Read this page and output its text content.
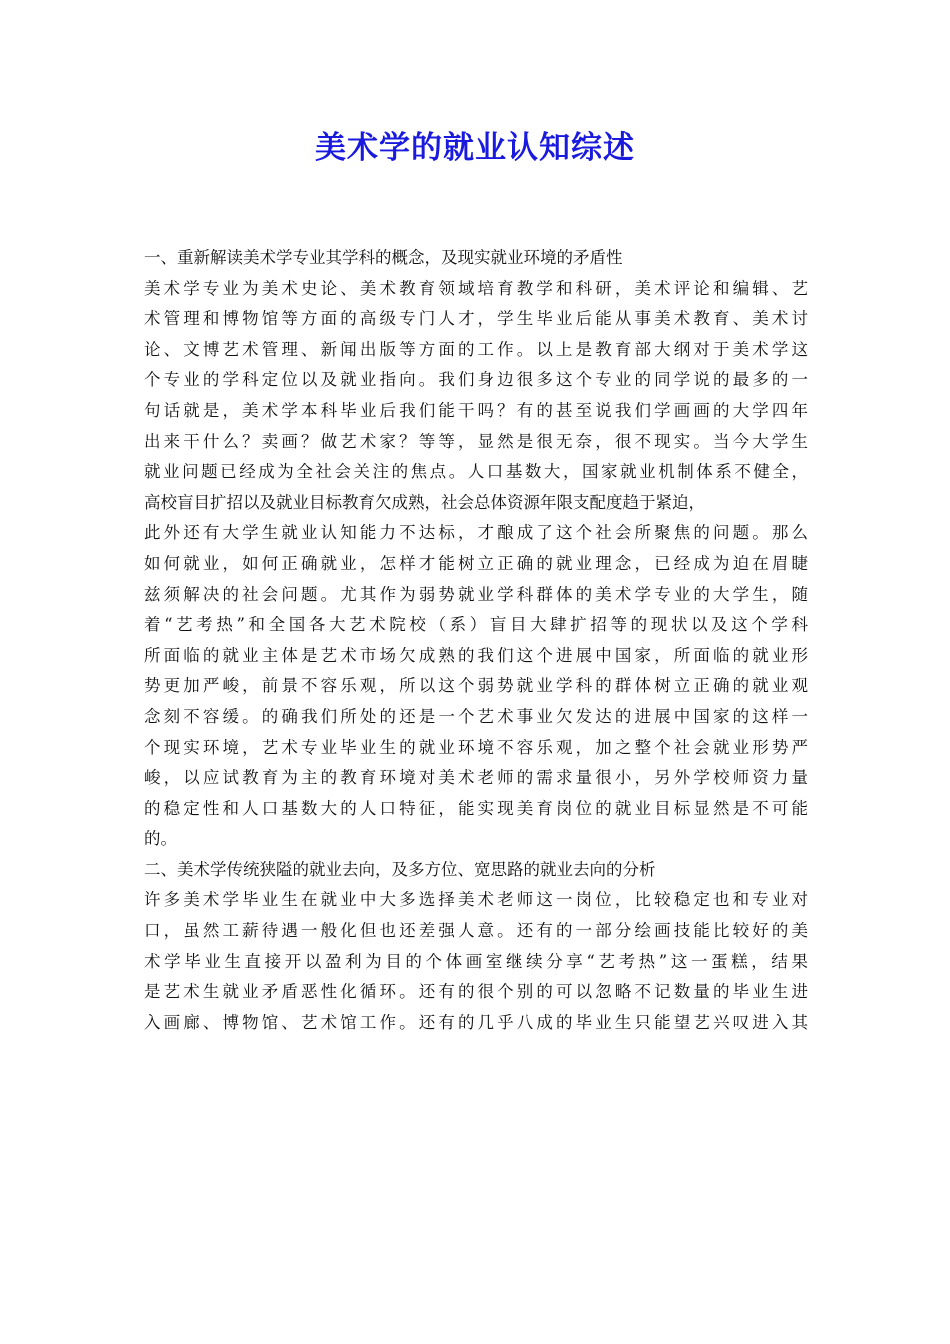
美术学的就业认知综述
一、重新解读美术学专业其学科的概念，及现实就业环境的矛盾性
美术学专业为美术史论、美术教育领域培育教学和科研，美术评论和编辑、艺
术管理和博物馆等方面的高级专门人才，学生毕业后能从事美术教育、美术讨
论、文博艺术管理、新闻出版等方面的工作。以上是教育部大纲对于美术学这
个专业的学科定位以及就业指向。我们身边很多这个专业的同学说的最多的一
句话就是，美术学本科毕业后我们能干吗？有的甚至说我们学画画的大学四年
出来干什么？卖画？做艺术家？等等，显然是很无奈，很不现实。当今大学生
就业问题已经成为全社会关注的焦点。人口基数大，国家就业机制体系不健全，
高校盲目扩招以及就业目标教育欠成熟，社会总体资源年限支配度趋于紧迫，
此外还有大学生就业认知能力不达标，才酿成了这个社会所聚焦的问题。那么
如何就业，如何正确就业，怎样才能树立正确的就业理念，已经成为迫在眉睫
兹须解决的社会问题。尤其作为弱势就业学科群体的美术学专业的大学生，随
着“艺考热”和全国各大艺术院校（系）盲目大肆扩招等的现状以及这个学科
所面临的就业主体是艺术市场欠成熟的我们这个进展中国家，所面临的就业形
势更加严峻，前景不容乐观，所以这个弱势就业学科的群体树立正确的就业观
念刻不容缓。的确我们所处的还是一个艺术事业欠发达的进展中国家的这样一
个现实环境，艺术专业毕业生的就业环境不容乐观，加之整个社会就业形势严
峻，以应试教育为主的教育环境对美术老师的需求量很小，另外学校师资力量
的稳定性和人口基数大的人口特征，能实现美育岗位的就业目标显然是不可能
的。
二、美术学传统狭隘的就业去向，及多方位、宽思路的就业去向的分析
许多美术学毕业生在就业中大多选择美术老师这一岗位，比较稳定也和专业对
口，虽然工薪待遇一般化但也还差强人意。还有的一部分绘画技能比较好的美
术学毕业生直接开以盈利为目的个体画室继续分享“艺考热”这一蛋糕，结果
是艺术生就业矛盾恶性化循环。还有的很个别的可以忽略不记数量的毕业生进
入画廊、博物馆、艺术馆工作。还有的几乎八成的毕业生只能望艺兴叹进入其
